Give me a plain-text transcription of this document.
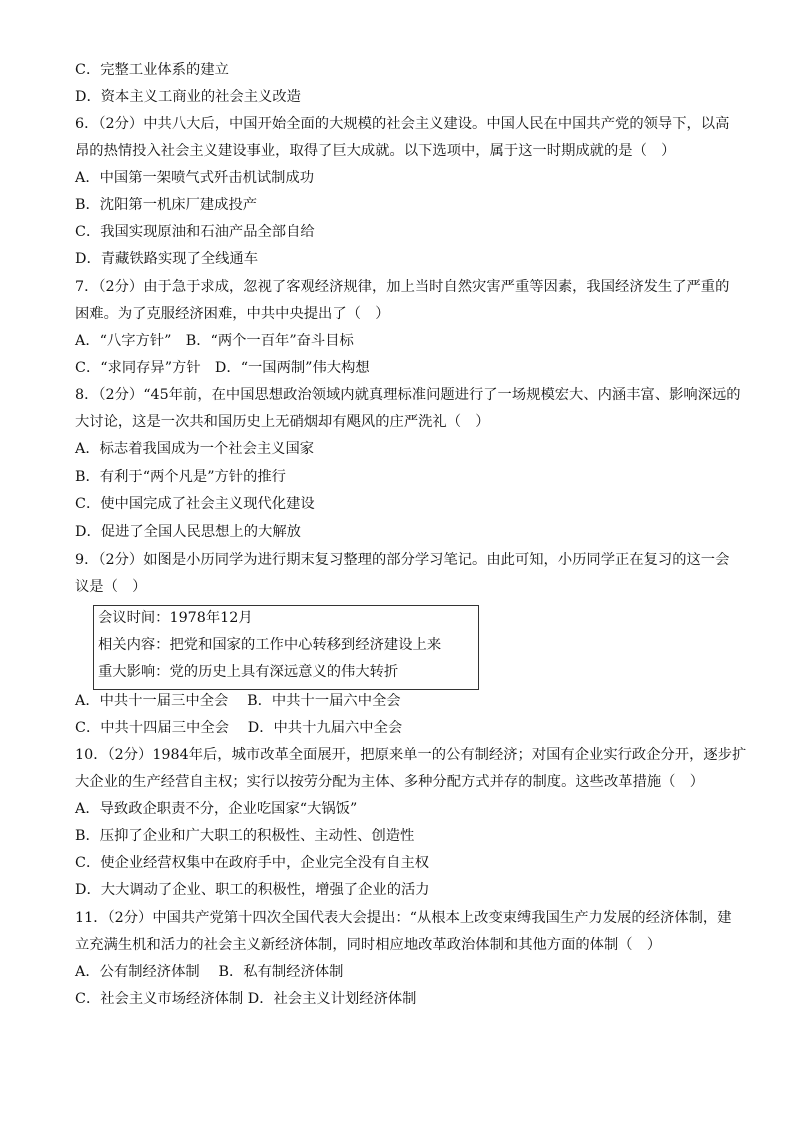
C．完整工业体系的建立
D．资本主义工商业的社会主义改造
6．（2分）中共八大后，中国开始全面的大规模的社会主义建设。中国人民在中国共产党的领导下，以高
昂的热情投入社会主义建设事业，取得了巨大成就。以下选项中，属于这一时期成就的是（　）
A．中国第一架喷气式歼击机试制成功
B．沈阳第一机床厂建成投产
C．我国实现原油和石油产品全部自给
D．青藏铁路实现了全线通车
7．（2分）由于急于求成，忽视了客观经济规律，加上当时自然灾害严重等因素，我国经济发生了严重的
困难。为了克服经济困难，中共中央提出了（　）
A．“八字方针”　B．“两个一百年”奋斗目标
C．“求同存异”方针　D．“一国两制”伟大构想
8．（2分）“45年前，在中国思想政治领域内就真理标准问题进行了一场规模宏大、内涵丰富、影响深远的
大讨论，这是一次共和国历史上无硝烟却有飓风的庄严洗礼（　）
A．标志着我国成为一个社会主义国家
B．有利于“两个凡是”方针的推行
C．使中国完成了社会主义现代化建设
D．促进了全国人民思想上的大解放
9．（2分）如图是小历同学为进行期末复习整理的部分学习笔记。由此可知，小历同学正在复习的这一会
议是（　）
会议时间：1978年12月
相关内容：把党和国家的工作中心转移到经济建设上来
重大影响：党的历史上具有深远意义的伟大转折
A．中共十一届三中全会　 B．中共十一届六中全会
C．中共十四届三中全会　 D．中共十九届六中全会
10．（2分）1984年后，城市改革全面展开，把原来单一的公有制经济；对国有企业实行政企分开，逐步扩
大企业的生产经营自主权；实行以按劳分配为主体、多种分配方式并存的制度。这些改革措施（　）
A．导致政企职责不分，企业吃国家“大锅饭”
B．压抑了企业和广大职工的积极性、主动性、创造性
C．使企业经营权集中在政府手中，企业完全没有自主权
D．大大调动了企业、职工的积极性，增强了企业的活力
11．（2分）中国共产党第十四次全国代表大会提出：“从根本上改变束缚我国生产力发展的经济体制，建
立充满生机和活力的社会主义新经济体制，同时相应地改革政治体制和其他方面的体制（　）
A．公有制经济体制　 B．私有制经济体制
C．社会主义市场经济体制 D．社会主义计划经济体制
